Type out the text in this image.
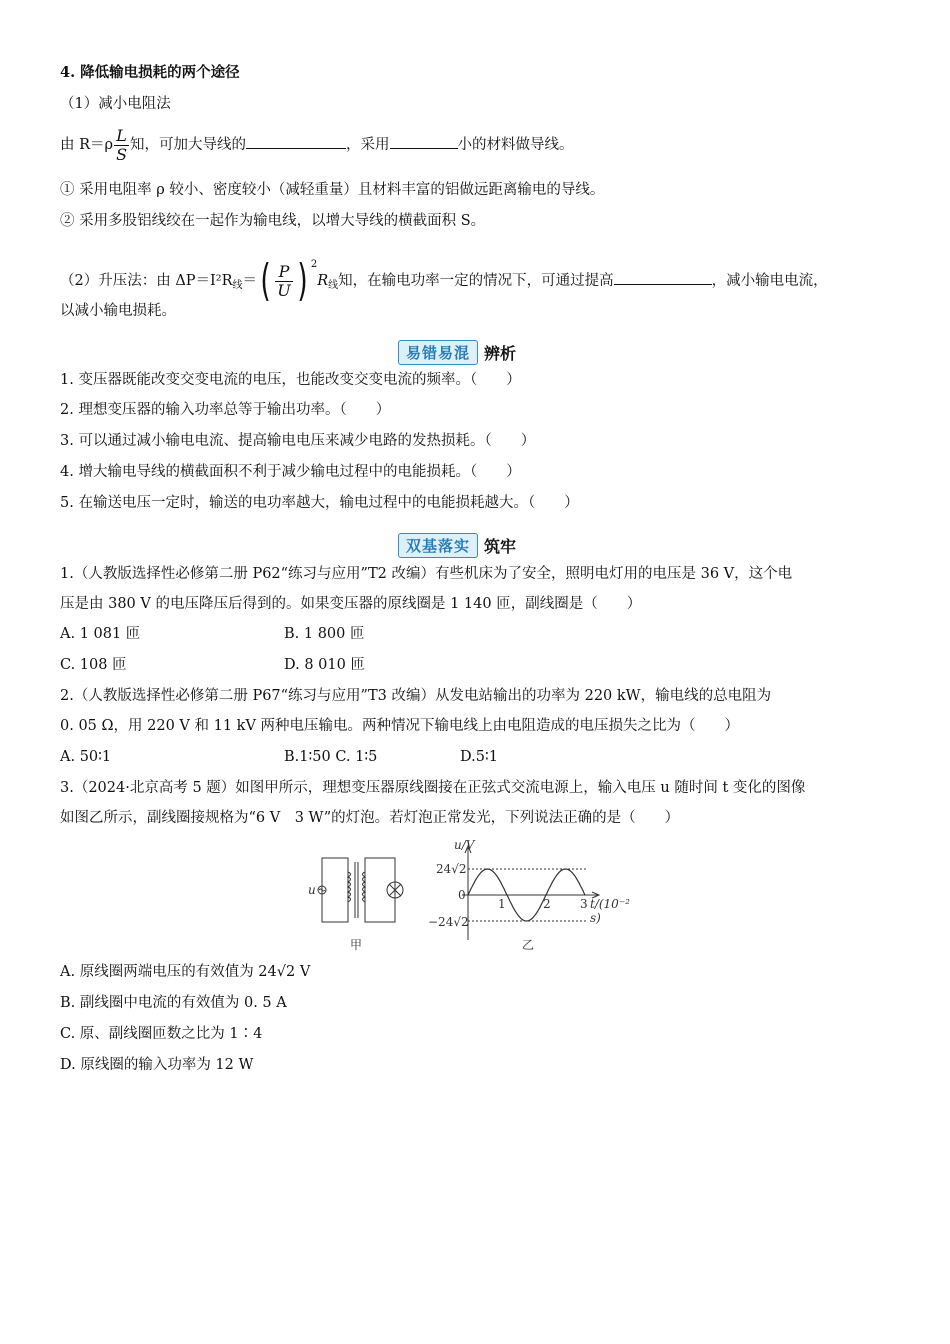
4. 降低输电损耗的两个途径
（1）减小电阻法
由 $R=\rho \frac{L}{S}$ 知，可加大导线的	，采用	小的材料做导线。
① 采用电阻率 ρ 较小、密度较小（减轻重量）且材料丰富的铝做远距离输电的导线。
② 采用多股铝线绞在一起作为输电线，以增大导线的横截面积 S。
（2）升压法：由 $\Delta P=I^2R_线=( \frac{P}{U}$ ) $^2R_线$知，在输电功率一定的情况下，可通过提高	，减小输电电流，
以减小输电损耗。
易错易混 辨析
1. 变压器既能改变交变电流的电压，也能改变交变电流的频率。（　　）
2. 理想变压器的输入功率总等于输出功率。（　　）
3. 可以通过减小输电电流、提高输电电压来减少电路的发热损耗。（　　）
4. 增大输电导线的横截面积不利于减少输电过程中的电能损耗。（　　）
5. 在输送电压一定时，输送的电功率越大，输电过程中的电能损耗越大。（　　）
双基落实 筑牢
1.（人教版选择性必修第二册 P62“练习与应用”T2 改编）有些机床为了安全，照明电灯用的电压是 36 V，这个电
压是由 380 V 的电压降压后得到的。如果变压器的原线圈是 1 140 匝，副线圈是（　　）
A. 1 081 匝	B. 1 800 匝
C. 108 匝	D. 8 010 匝
2.（人教版选择性必修第二册 P67“练习与应用”T3 改编）从发电站输出的功率为 220 kW，输电线的总电阻为
0. 05 Ω，用 220 V 和 11 kV 两种电压输电。两种情况下输电线上由电阻造成的电压损失之比为（　　）
A. 50∶1	B.1∶50 C. 1∶5	D.5∶1
3.（2024·北京高考 5 题）如图甲所示，理想变压器原线圈接在正弦式交流电源上，输入电压 u 随时间 t 变化的图像
如图乙所示，副线圈接规格为“6 V　3 W”的灯泡。若灯泡正常发光，下列说法正确的是（　　）
u
甲
u/V
24√2
0
−24√2
1	2 3 t/(10⁻² s)
乙
A. 原线圈两端电压的有效值为 24√2 V
B. 副线圈中电流的有效值为 0. 5 A
C. 原、副线圈匝数之比为 1∶4
D. 原线圈的输入功率为 12 W
